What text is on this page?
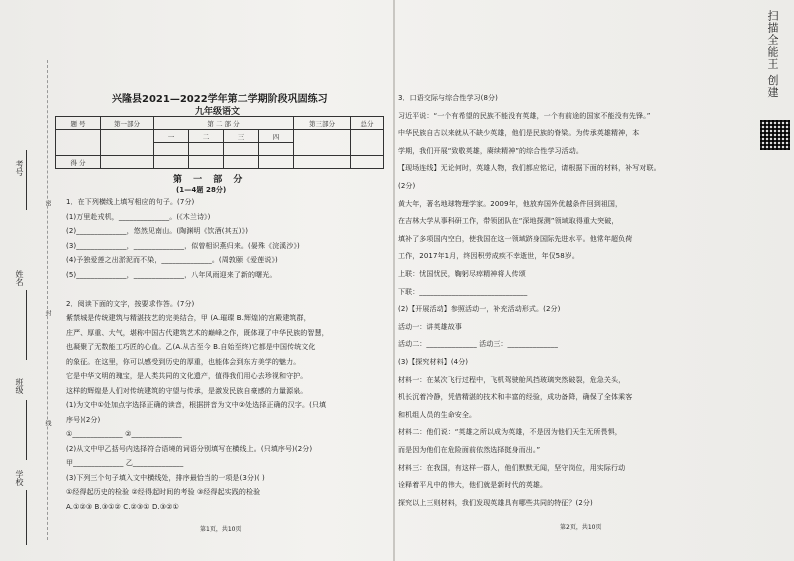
考号
姓名
班级
学校
密
封
线
兴隆县2021—2022学年第二学期阶段巩固练习
九年级语文
题 号	第一部分	第 二 部 分				第三部分	总分
		一	二	三	四		

得 分							
第 一 部 分
(1—4题 28分)
1．在下列横线上填写相应的句子。(7分)
(1)万里赴戎机，______________。(《木兰诗》)
(2)______________，悠然见南山。(陶渊明《饮酒(其五)》)
(3)______________，______________，似曾相识燕归来。(晏殊《浣溪沙》)
(4)予独爱莲之出淤泥而不染，______________。(周敦颐《爱莲说》)
(5)______________，______________，八年风雨迎来了新的曙光。
2．阅读下面的文字，按要求作答。(7分)
紫禁城是传统建筑与精湛技艺的完美结合，甲 (A.璀璨 B.辉煌)的宫殿建筑群，
庄严、厚重、大气，堪称中国古代建筑艺术的巅峰之作，既体现了中华民族的智慧，
也凝聚了无数能工巧匠的心血。乙(A.从古至今 B.自始至终)它都是中国传统文化
的象征。在这里，你可以感受到历史的厚重，也能体会到东方美学的魅力。
它是中华文明的瑰宝，是人类共同的文化遗产，值得我们用心去珍视和守护。
这样的辉煌是人们对传统建筑的守望与传承，是激发民族自豪感的力量源泉。
(1)为文中①处加点字选择正确的读音，根据拼音为文中②处选择正确的汉字。(只填
序号)(2分)
①______________ ②______________
(2)从文中甲乙括号内选择符合语境的词语分别填写在横线上。(只填序号)(2分)
甲______________ 乙______________
(3)下列三个句子填入文中横线处，排序最恰当的一项是(3分)( )
①经得起历史的检验 ②经得起时间的考验 ③经得起实践的检验
A.①②③ B.③①② C.②③① D.③②①
第1页，共10页
3．口语交际与综合性学习(8分)
习近平说：“一个有希望的民族不能没有英雄，一个有前途的国家不能没有先锋。”
中华民族自古以来就从不缺少英雄，他们是民族的脊梁。为传承英雄精神，本
学期，我们开展“致敬英雄，赓续精神”的综合性学习活动。
【现场连线】无论何时，英雄人物，我们都应铭记，请根据下面的材料，补写对联。
(2分)
黄大年，著名地球物理学家。2009年，他放弃国外优越条件回到祖国，
在吉林大学从事科研工作，带领团队在“深地探测”领域取得重大突破，
填补了多项国内空白，使我国在这一领域跻身国际先进水平。他常年超负荷
工作，2017年1月，终因积劳成疾不幸逝世，年仅58岁。
上联：忧国忧民，鞠躬尽瘁精神将人传颂
下联：______________________________
(2)【开展活动】参照活动一，补充活动形式。(2分)
活动一：讲英雄故事
活动二：______________ 活动三：______________
(3)【探究材料】(4分)
材料一：在某次飞行过程中，飞机驾驶舱风挡玻璃突然破裂，危急关头，
机长沉着冷静，凭借精湛的技术和丰富的经验，成功备降，确保了全体乘客
和机组人员的生命安全。
材料二：他们说：“英雄之所以成为英雄，不是因为他们天生无所畏惧，
而是因为他们在危险面前依然选择挺身而出。”
材料三：在我国，有这样一群人，他们默默无闻，坚守岗位，用实际行动
诠释着平凡中的伟大，他们就是新时代的英雄。
探究以上三则材料，我们发现英雄具有哪些共同的特征？(2分)
第2页，共10页
扫描全能王 创建
